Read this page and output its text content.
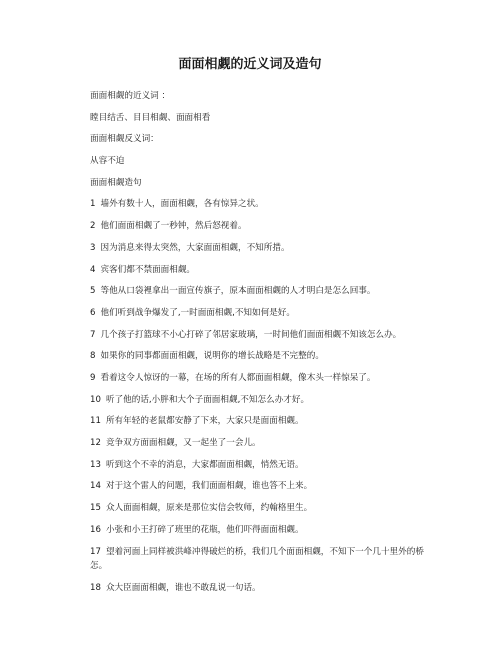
面面相觑的近义词及造句
面面相觑的近义词 ：
瞠目结舌、目目相觑、面面相看
面面相觑反义词：
从容不迫
面面相觑造句
1 墙外有数十人，面面相觑，各有惊异之状。
2 他们面面相觑了一秒钟，然后怒视着。
3 因为消息来得太突然，大家面面相觑，不知所措。
4 宾客们都不禁面面相觑。
5 等他从口袋裡拿出一面宣传旗子，原本面面相觑的人才明白是怎么回事。
6 他们听到战争爆发了,一时面面相觑,不知如何是好。
7 几个孩子打篮球不小心打碎了邻居家玻璃，一时间他们面面相觑不知该怎么办。
8 如果你的同事都面面相觑，说明你的增长战略是不完整的。
9 看着这令人惊讶的一幕，在场的所有人都面面相觑，像木头一样惊呆了。
10 听了他的话,小胖和大个子面面相觑,不知怎么办才好。
11 所有年轻的老鼠都安静了下来，大家只是面面相觑。
12 竞争双方面面相觑，又一起坐了一会儿。
13 听到这个不幸的消息，大家都面面相觑，悄然无语。
14 对于这个雷人的问题，我们面面相觑，谁也答不上来。
15 众人面面相觑，原来是那位实信会牧师，约翰格里生。
16 小张和小王打碎了班里的花瓶，他们吓得面面相觑。
17 望着河面上同样被洪峰冲得破烂的桥，我们几个面面相觑，不知下一个几十里外的桥怎。
18 众大臣面面相觑，谁也不敢乱说一句话。
